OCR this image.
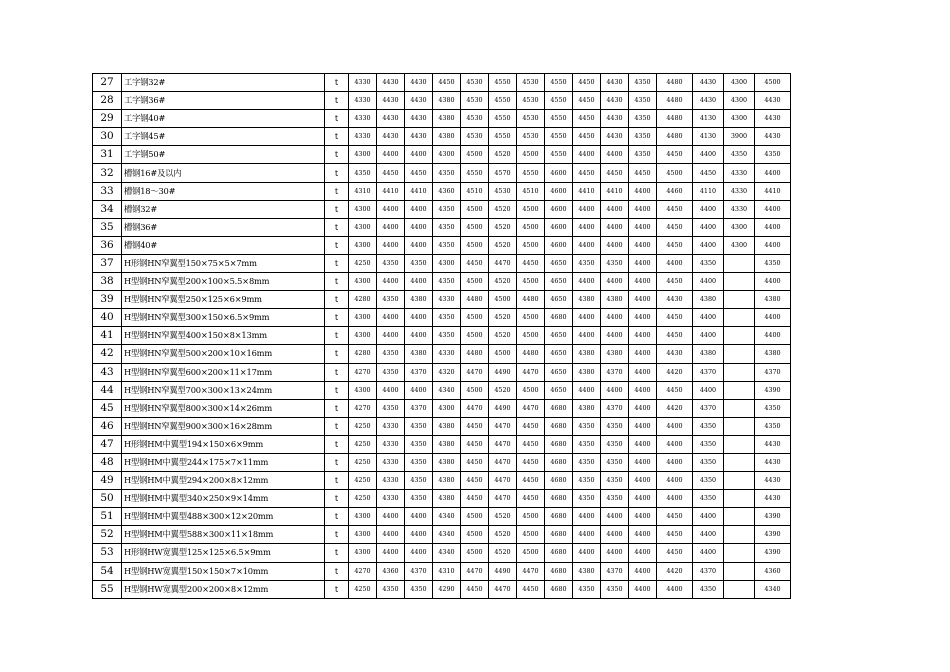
27	工字钢32#	t	4330	4430	4430	4450	4530	4550	4530	4550	4450	4430	4350	4480	4430	4300	4500
28	工字钢36#	t	4330	4430	4430	4380	4530	4550	4530	4550	4450	4430	4350	4480	4430	4300	4430
29	工字钢40#	t	4330	4430	4430	4380	4530	4550	4530	4550	4450	4430	4350	4480	4130	4300	4430
30	工字钢45#	t	4330	4430	4430	4380	4530	4550	4530	4550	4450	4430	4350	4480	4130	3900	4430
31	工字钢50#	t	4300	4400	4400	4300	4500	4520	4500	4550	4400	4400	4350	4450	4400	4350	4350
32	槽钢16#及以内	t	4350	4450	4450	4350	4550	4570	4550	4600	4450	4450	4450	4500	4450	4330	4400
33	槽钢18～30#	t	4310	4410	4410	4360	4510	4530	4510	4600	4410	4410	4400	4460	4110	4330	4410
34	槽钢32#	t	4300	4400	4400	4350	4500	4520	4500	4600	4400	4400	4400	4450	4400	4330	4400
35	槽钢36#	t	4300	4400	4400	4350	4500	4520	4500	4600	4400	4400	4400	4450	4400	4300	4400
36	槽钢40#	t	4300	4400	4400	4350	4500	4520	4500	4600	4400	4400	4400	4450	4400	4300	4400
37	H形钢HN窄翼型150×75×5×7mm	t	4250	4350	4350	4300	4450	4470	4450	4650	4350	4350	4400	4400	4350		4350
38	H型钢HN窄翼型200×100×5.5×8mm	t	4300	4400	4400	4350	4500	4520	4500	4650	4400	4400	4400	4450	4400		4400
39	H型钢HN窄翼型250×125×6×9mm	t	4280	4350	4380	4330	4480	4500	4480	4650	4380	4380	4400	4430	4380		4380
40	H型钢HN窄翼型300×150×6.5×9mm	t	4300	4400	4400	4350	4500	4520	4500	4680	4400	4400	4400	4450	4400		4400
41	H型钢HN窄翼型400×150×8×13mm	t	4300	4400	4400	4350	4500	4520	4500	4650	4400	4400	4400	4450	4400		4400
42	H型钢HN窄翼型500×200×10×16mm	t	4280	4350	4380	4330	4480	4500	4480	4650	4380	4380	4400	4430	4380		4380
43	H型钢HN窄翼型600×200×11×17mm	t	4270	4350	4370	4320	4470	4490	4470	4650	4380	4370	4400	4420	4370		4370
44	H型钢HN窄翼型700×300×13×24mm	t	4300	4400	4400	4340	4500	4520	4500	4650	4400	4400	4400	4450	4400		4390
45	H型钢HN窄翼型800×300×14×26mm	t	4270	4350	4370	4300	4470	4490	4470	4680	4380	4370	4400	4420	4370		4350
46	H型钢HN窄翼型900×300×16×28mm	t	4250	4330	4350	4380	4450	4470	4450	4680	4350	4350	4400	4400	4350		4350
47	H形钢HM中翼型194×150×6×9mm	t	4250	4330	4350	4380	4450	4470	4450	4680	4350	4350	4400	4400	4350		4430
48	H型钢HM中翼型244×175×7×11mm	t	4250	4330	4350	4380	4450	4470	4450	4680	4350	4350	4400	4400	4350		4430
49	H型钢HM中翼型294×200×8×12mm	t	4250	4330	4350	4380	4450	4470	4450	4680	4350	4350	4400	4400	4350		4430
50	H型钢HM中翼型340×250×9×14mm	t	4250	4330	4350	4380	4450	4470	4450	4680	4350	4350	4400	4400	4350		4430
51	H型钢HM中翼型488×300×12×20mm	t	4300	4400	4400	4340	4500	4520	4500	4680	4400	4400	4400	4450	4400		4390
52	H型钢HM中翼型588×300×11×18mm	t	4300	4400	4400	4340	4500	4520	4500	4680	4400	4400	4400	4450	4400		4390
53	H形钢HW宽翼型125×125×6.5×9mm	t	4300	4400	4400	4340	4500	4520	4500	4680	4400	4400	4400	4450	4400		4390
54	H型钢HW宽翼型150×150×7×10mm	t	4270	4360	4370	4310	4470	4490	4470	4680	4380	4370	4400	4420	4370		4360
55	H型钢HW宽翼型200×200×8×12mm	t	4250	4350	4350	4290	4450	4470	4450	4680	4350	4350	4400	4400	4350		4340
